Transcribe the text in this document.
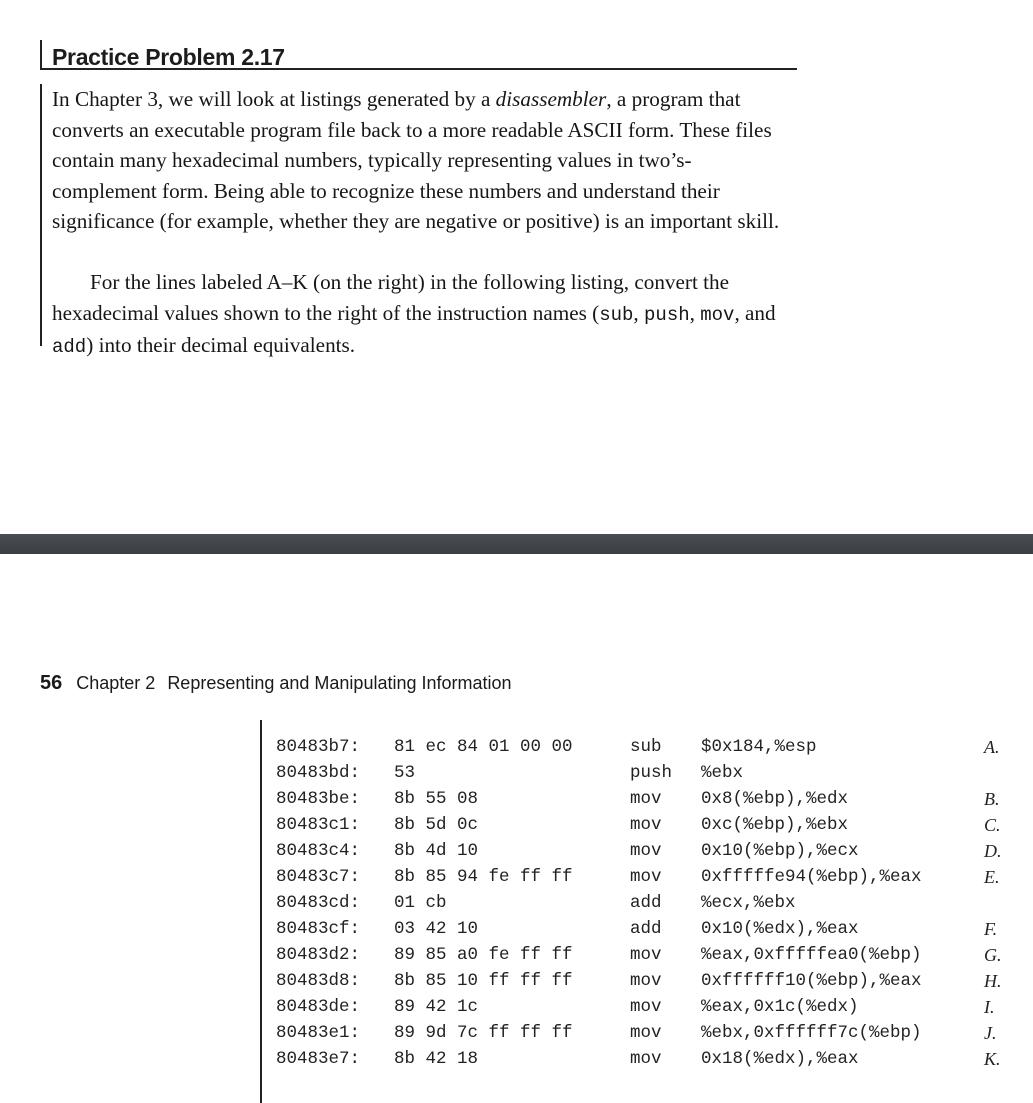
Practice Problem 2.17

In Chapter 3, we will look at listings generated by a disassembler, a program that converts an executable program file back to a more readable ASCII form. These files contain many hexadecimal numbers, typically representing values in two’s-complement form. Being able to recognize these numbers and understand their significance (for example, whether they are negative or positive) is an important skill.

For the lines labeled A–K (on the right) in the following listing, convert the hexadecimal values shown to the right of the instruction names (sub, push, mov, and add) into their decimal equivalents.

56 Chapter 2 Representing and Manipulating Information
80483b7: 81 ec 84 01 00 00	sub $0x184,%esp	A.
80483bd: 53	push %ebx
80483be: 8b 55 08	mov 0x8(%ebp),%edx	B.
80483c1: 8b 5d 0c	mov 0xc(%ebp),%ebx	C.
80483c4: 8b 4d 10	mov 0x10(%ebp),%ecx	D.
80483c7: 8b 85 94 fe ff ff	mov 0xfffffe94(%ebp),%eax	E.
80483cd: 01 cb	add %ecx,%ebx
80483cf: 03 42 10	add 0x10(%edx),%eax	F.
80483d2: 89 85 a0 fe ff ff	mov %eax,0xfffffea0(%ebp)	G.
80483d8: 8b 85 10 ff ff ff	mov 0xffffff10(%ebp),%eax	H.
80483de: 89 42 1c	mov %eax,0x1c(%edx)	I.
80483e1: 89 9d 7c ff ff ff	mov %ebx,0xffffff7c(%ebp)	J.
80483e7: 8b 42 18	mov 0x18(%edx),%eax	K.
